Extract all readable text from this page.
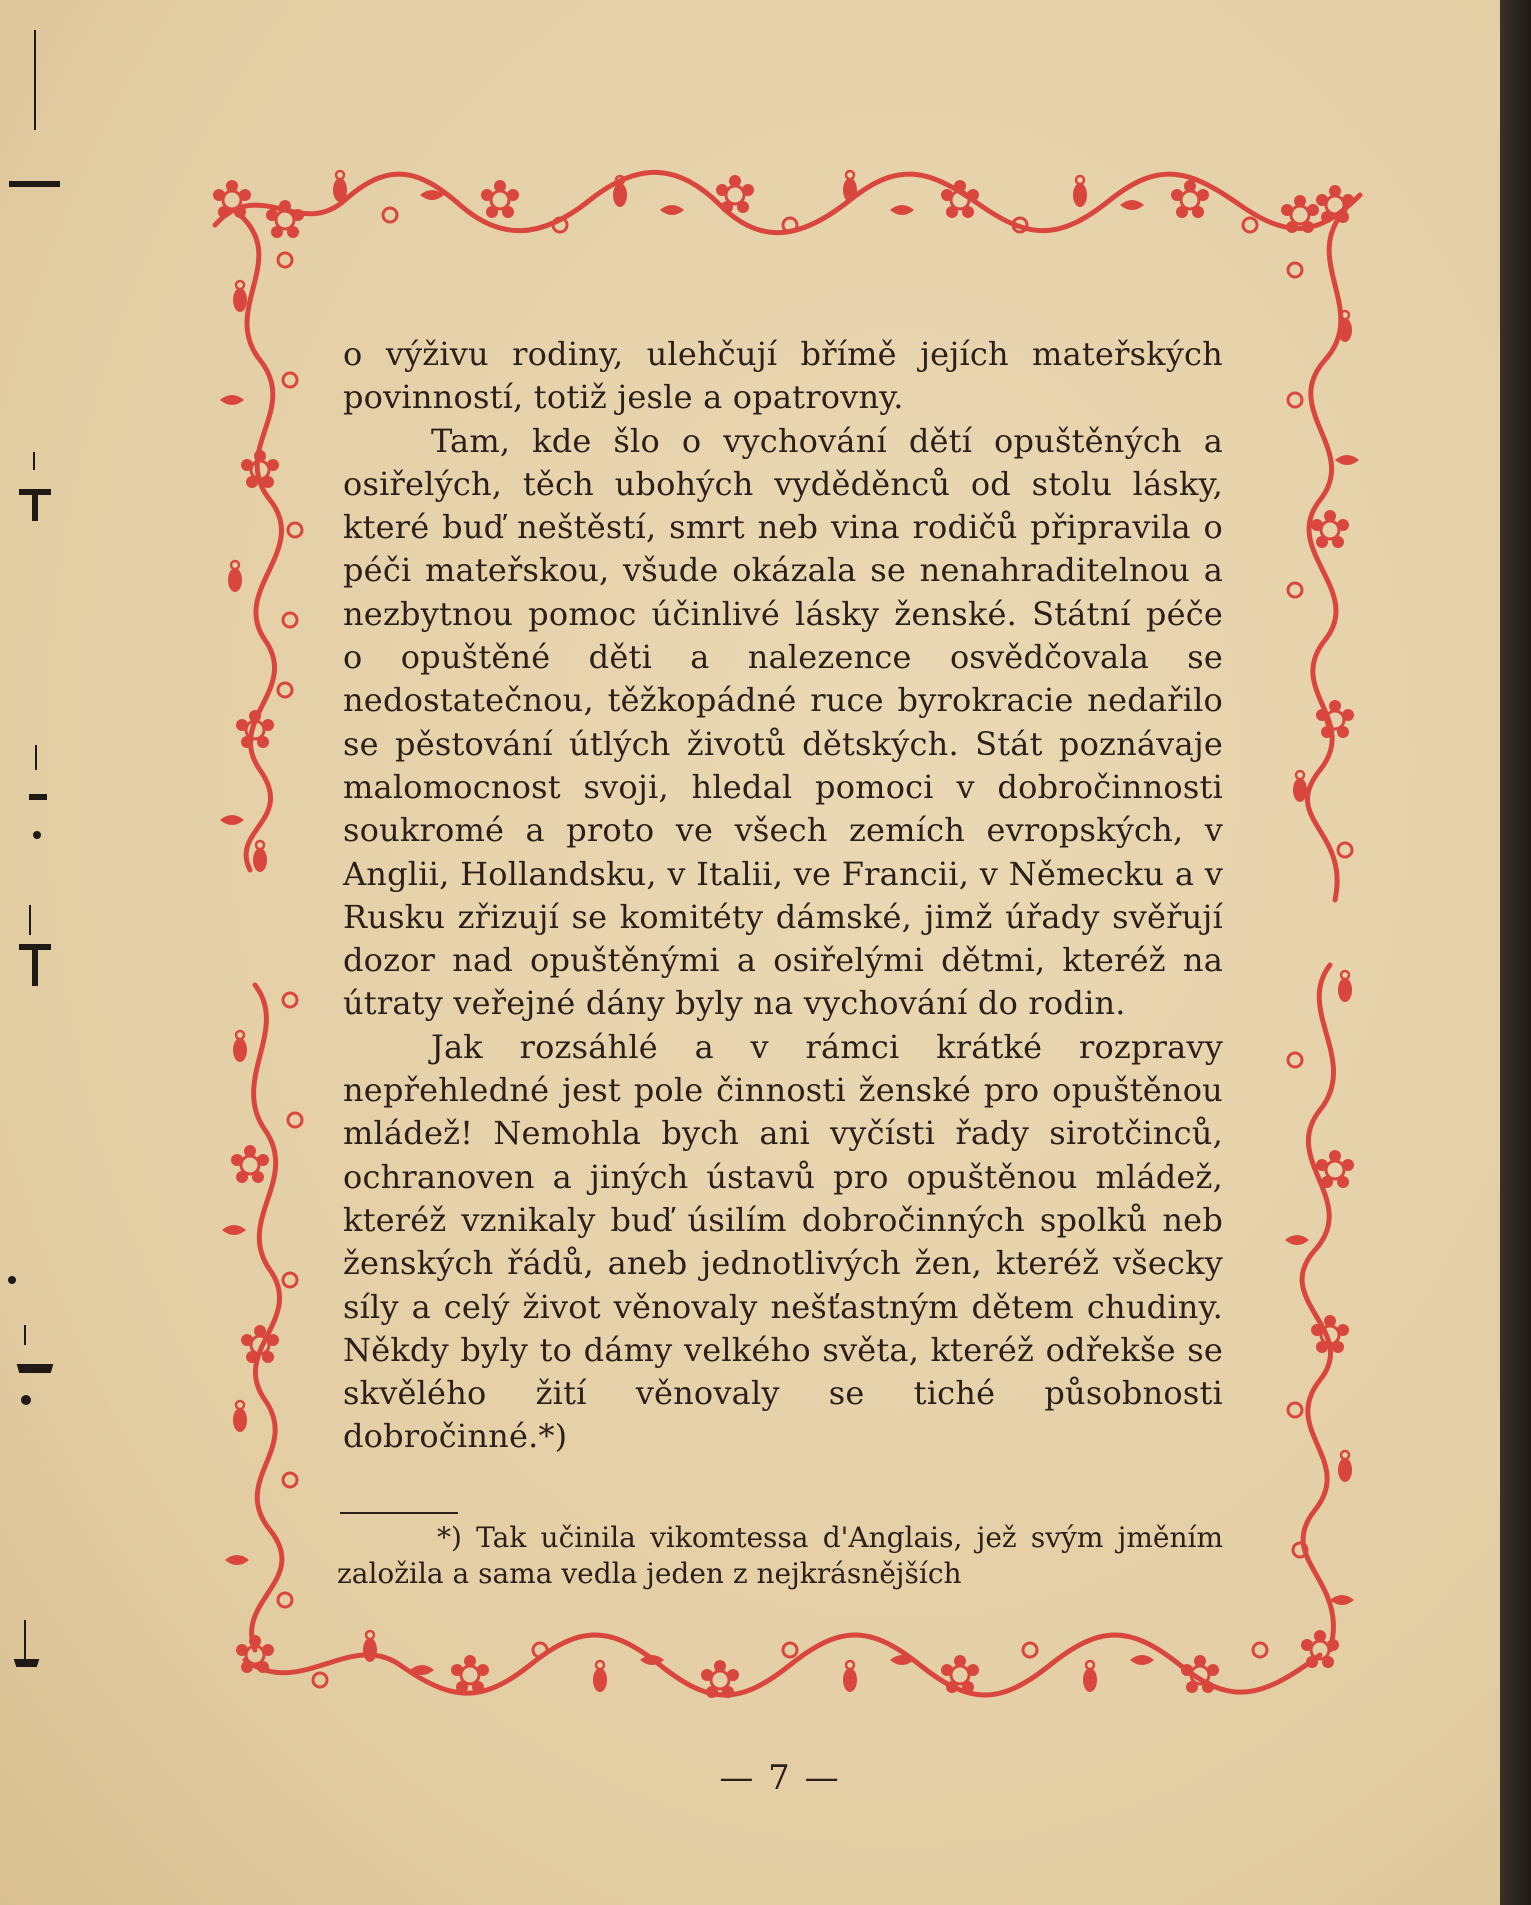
o výživu rodiny, ulehčují břímě jejích mateřských povinností, totiž jesle a opatrovny.

Tam, kde šlo o vychování dětí opuštěných a osiřelých, těch ubohých vyděděnců od stolu lásky, které buď neštěstí, smrt neb vina rodičů připravila o péči mateřskou, všude okázala se nenahraditelnou a nezbytnou pomoc účinlivé lásky ženské. Státní péče o opuštěné děti a nalezence osvědčovala se nedostatečnou, těžkopádné ruce byrokracie nedařilo se pěstování útlých životů dětských. Stát poznávaje malomocnost svoji, hledal pomoci v dobročinnosti soukromé a proto ve všech zemích evropských, v Anglii, Hollandsku, v Italii, ve Francii, v Německu a v Rusku zřizují se komitéty dámské, jimž úřady svěřují dozor nad opuštěnými a osiřelými dětmi, kteréž na útraty veřejné dány byly na vychování do rodin.

Jak rozsáhlé a v rámci krátké rozpravy nepřehledné jest pole činnosti ženské pro opuštěnou mládež! Nemohla bych ani vyčísti řady sirotčinců, ochranoven a jiných ústavů pro opuštěnou mládež, kteréž vznikaly buď úsilím dobročinných spolků neb ženských řádů, aneb jednotlivých žen, kteréž všecky síly a celý život věnovaly nešťastným dětem chudiny. Někdy byly to dámy velkého světa, kteréž odřekše se skvělého žití věnovaly se tiché působnosti dobročinné.*)

*) Tak učinila vikomtessa d'Anglais, jež svým jměním založila a sama vedla jeden z nejkrásnějších
— 7 —
